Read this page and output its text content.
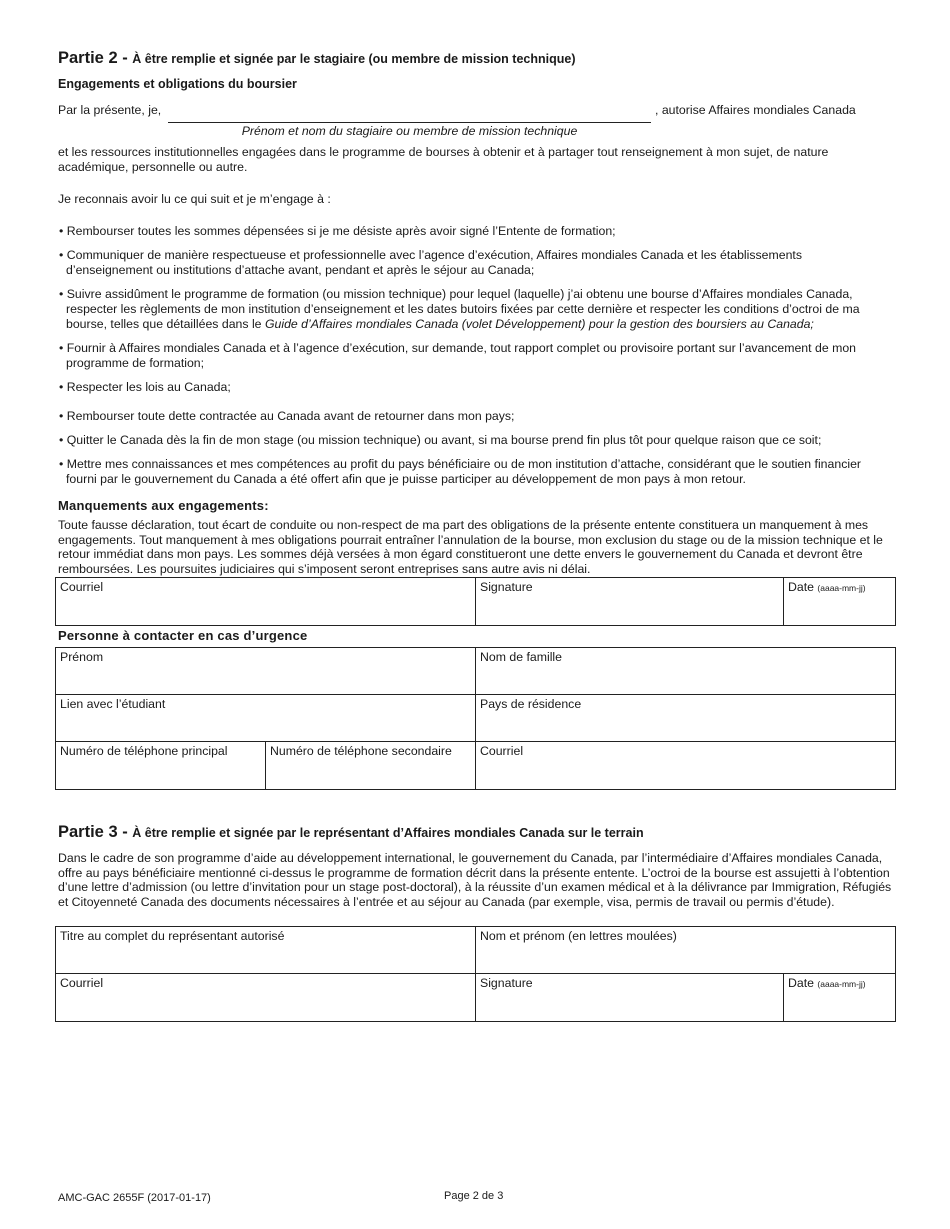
Partie 2 - À être remplie et signée par le stagiaire (ou membre de mission technique)
Engagements et obligations du boursier
Par la présente, je,	, autorise Affaires mondiales Canada
Prénom et nom du stagiaire ou membre de mission technique
et les ressources institutionnelles engagées dans le programme de bourses à obtenir et à partager tout renseignement à mon sujet, de nature académique, personnelle ou autre.
Je reconnais avoir lu ce qui suit et je m’engage à :
• Rembourser toutes les sommes dépensées si je me désiste après avoir signé l’Entente de formation;
• Communiquer de manière respectueuse et professionnelle avec l’agence d’exécution, Affaires mondiales Canada et les établissements d’enseignement ou institutions d’attache avant, pendant et après le séjour au Canada;
• Suivre assidûment le programme de formation (ou mission technique) pour lequel (laquelle) j’ai obtenu une bourse d’Affaires mondiales Canada, respecter les règlements de mon institution d’enseignement et les dates butoirs fixées par cette dernière et respecter les conditions d’octroi de ma bourse, telles que détaillées dans le Guide d’Affaires mondiales Canada (volet Développement) pour la gestion des boursiers au Canada;
• Fournir à Affaires mondiales Canada et à l’agence d’exécution, sur demande, tout rapport complet ou provisoire portant sur l’avancement de mon programme de formation;
• Respecter les lois au Canada;
• Rembourser toute dette contractée au Canada avant de retourner dans mon pays;
• Quitter le Canada dès la fin de mon stage (ou mission technique) ou avant, si ma bourse prend fin plus tôt pour quelque raison que ce soit;
• Mettre mes connaissances et mes compétences au profit du pays bénéficiaire ou de mon institution d’attache, considérant que le soutien financier fourni par le gouvernement du Canada a été offert afin que je puisse participer au développement de mon pays à mon retour.
Manquements aux engagements:
Toute fausse déclaration, tout écart de conduite ou non-respect de ma part des obligations de la présente entente constituera un manquement à mes engagements. Tout manquement à mes obligations pourrait entraîner l’annulation de la bourse, mon exclusion du stage ou de la mission technique et le retour immédiat dans mon pays. Les sommes déjà versées à mon égard constitueront une dette envers le gouvernement du Canada et devront être remboursées. Les poursuites judiciaires qui s’imposent seront entreprises sans autre avis ni délai.
Courriel	Signature	Date (aaaa-mm-jj)
Personne à contacter en cas d’urgence
Prénom		Nom de famille
Lien avec l’étudiant		Pays de résidence
Numéro de téléphone principal	Numéro de téléphone secondaire	Courriel
Partie 3 - À être remplie et signée par le représentant d’Affaires mondiales Canada sur le terrain
Dans le cadre de son programme d’aide au développement international, le gouvernement du Canada, par l’intermédiaire d’Affaires mondiales Canada, offre au pays bénéficiaire mentionné ci-dessus le programme de formation décrit dans la présente entente. L’octroi de la bourse est assujetti à l’obtention d’une lettre d’admission (ou lettre d’invitation pour un stage post-doctoral), à la réussite d’un examen médical et à la délivrance par Immigration, Réfugiés et Citoyenneté Canada des documents nécessaires à l’entrée et au séjour au Canada (par exemple, visa, permis de travail ou permis d’étude).
Titre au complet du représentant autorisé	Nom et prénom (en lettres moulées)	
Courriel	Signature	Date (aaaa-mm-jj)
AMC-GAC 2655F (2017-01-17)	Page 2 de 3
